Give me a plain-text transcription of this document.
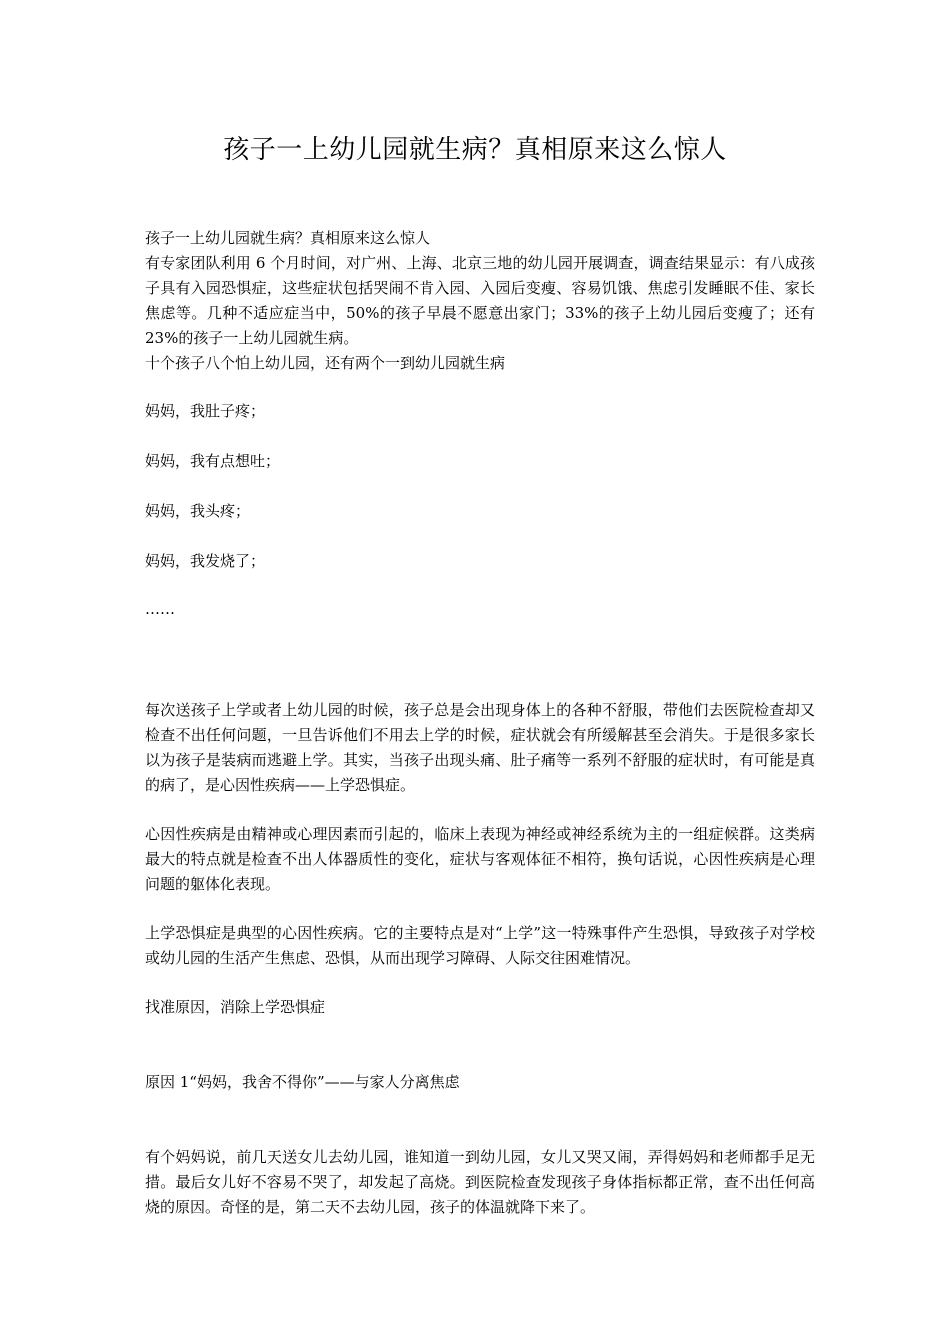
孩子一上幼儿园就生病？真相原来这么惊人
孩子一上幼儿园就生病？真相原来这么惊人
有专家团队利用 6 个月时间，对广州、上海、北京三地的幼儿园开展调查，调查结果显示：有八成孩子具有入园恐惧症，这些症状包括哭闹不肯入园、入园后变瘦、容易饥饿、焦虑引发睡眠不佳、家长焦虑等。几种不适应症当中，50%的孩子早晨不愿意出家门；33%的孩子上幼儿园后变瘦了；还有 23%的孩子一上幼儿园就生病。
十个孩子八个怕上幼儿园，还有两个一到幼儿园就生病
妈妈，我肚子疼；
妈妈，我有点想吐；
妈妈，我头疼；
妈妈，我发烧了；
……
每次送孩子上学或者上幼儿园的时候，孩子总是会出现身体上的各种不舒服，带他们去医院检查却又检查不出任何问题，一旦告诉他们不用去上学的时候，症状就会有所缓解甚至会消失。于是很多家长以为孩子是装病而逃避上学。其实，当孩子出现头痛、肚子痛等一系列不舒服的症状时，有可能是真的病了，是心因性疾病——上学恐惧症。
心因性疾病是由精神或心理因素而引起的，临床上表现为神经或神经系统为主的一组症候群。这类病最大的特点就是检查不出人体器质性的变化，症状与客观体征不相符，换句话说，心因性疾病是心理问题的躯体化表现。
上学恐惧症是典型的心因性疾病。它的主要特点是对“上学”这一特殊事件产生恐惧，导致孩子对学校或幼儿园的生活产生焦虑、恐惧，从而出现学习障碍、人际交往困难情况。
找准原因，消除上学恐惧症
原因 1“妈妈，我舍不得你”——与家人分离焦虑
有个妈妈说，前几天送女儿去幼儿园，谁知道一到幼儿园，女儿又哭又闹，弄得妈妈和老师都手足无措。最后女儿好不容易不哭了，却发起了高烧。到医院检查发现孩子身体指标都正常，查不出任何高烧的原因。奇怪的是，第二天不去幼儿园，孩子的体温就降下来了。
